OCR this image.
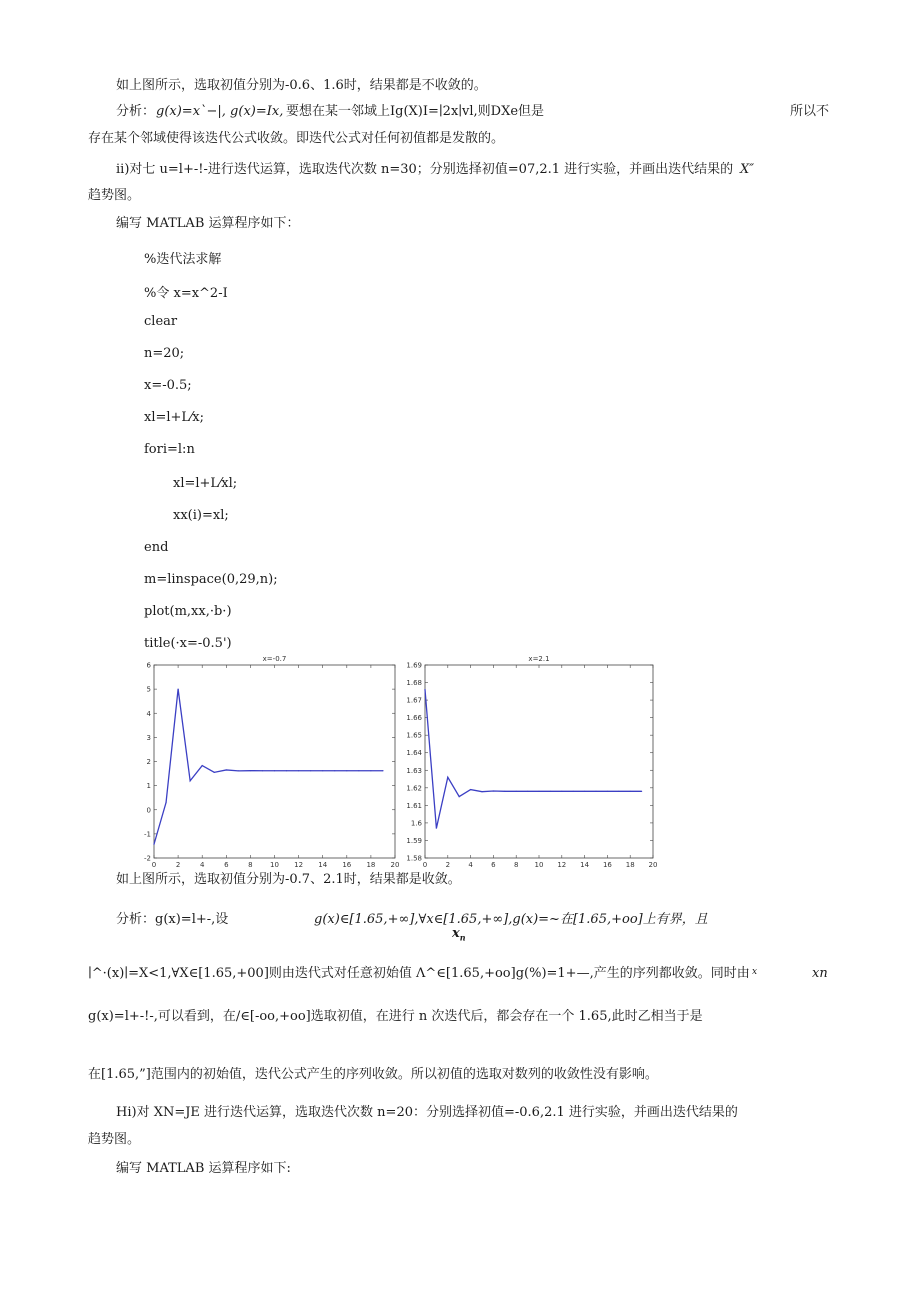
如上图所示，选取初值分别为-0.6、1.6时，结果都是不收敛的。
分析： g(x)=x`−|, g(x)=Ix, 要想在某一邻域上Ig(X)I=∣2x∣vl,则DXe但是	所以不
存在某个邻域使得该迭代公式收敛。即迭代公式对任何初值都是发散的。
ii)对七 u=l+-!-进行迭代运算，选取迭代次数 n=30；分别选择初值=07,2.1 进行实验，并画出迭代结果的 X″
趋势图。
编写 MATLAB 运算程序如下：
%迭代法求解
%令 x=x^2-I
clear
n=20;
x=-0.5;
xl=l+L⁄x;
fori=l:n
xl=l+L⁄xl;
xx(i)=xl;
end
m=linspace(0,29,n);
plot(m,xx,·b·)
title(·x=-0.5')
x=-0.7
0	2	4	6	8 10 12 14 16 18 20
-2
-1
0
1
2
3
4
5
6
x=2.1
0	2	4	6	8 10 12 14 16 18 20
1.58
1.59
1.6
1.61
1.62
1.63
1.64
1.65
1.66
1.67
1.68
1.69
如上图所示，选取初值分别为-0.7、2.1时，结果都是收敛。
分析：g(x)=l+-,设	g(x)∈[1.65,+∞],∀x∈[1.65,+∞],g(x)=~在[1.65,+oo]上有界，且
$x_n$
∣^·(x)∣=X<1,∀X∈[1.65,+00]则由迭代式对任意初始值 Λ^∈[1.65,+oo]g(%)=1+—,产生的序列都收敛。同时由 x	xn
g(x)=l+-!-,可以看到，在/∈[-oo,+oo]选取初值，在进行 n 次迭代后，都会存在一个 1.65,此时乙相当于是
在[1.65,”]范围内的初始值，迭代公式产生的序列收敛。所以初值的选取对数列的收敛性没有影响。
Hi)对 XN=JE 进行迭代运算，选取迭代次数 n=20：分别选择初值=-0.6,2.1 进行实验，并画出迭代结果的
趋势图。
编写 MATLAB 运算程序如下:
